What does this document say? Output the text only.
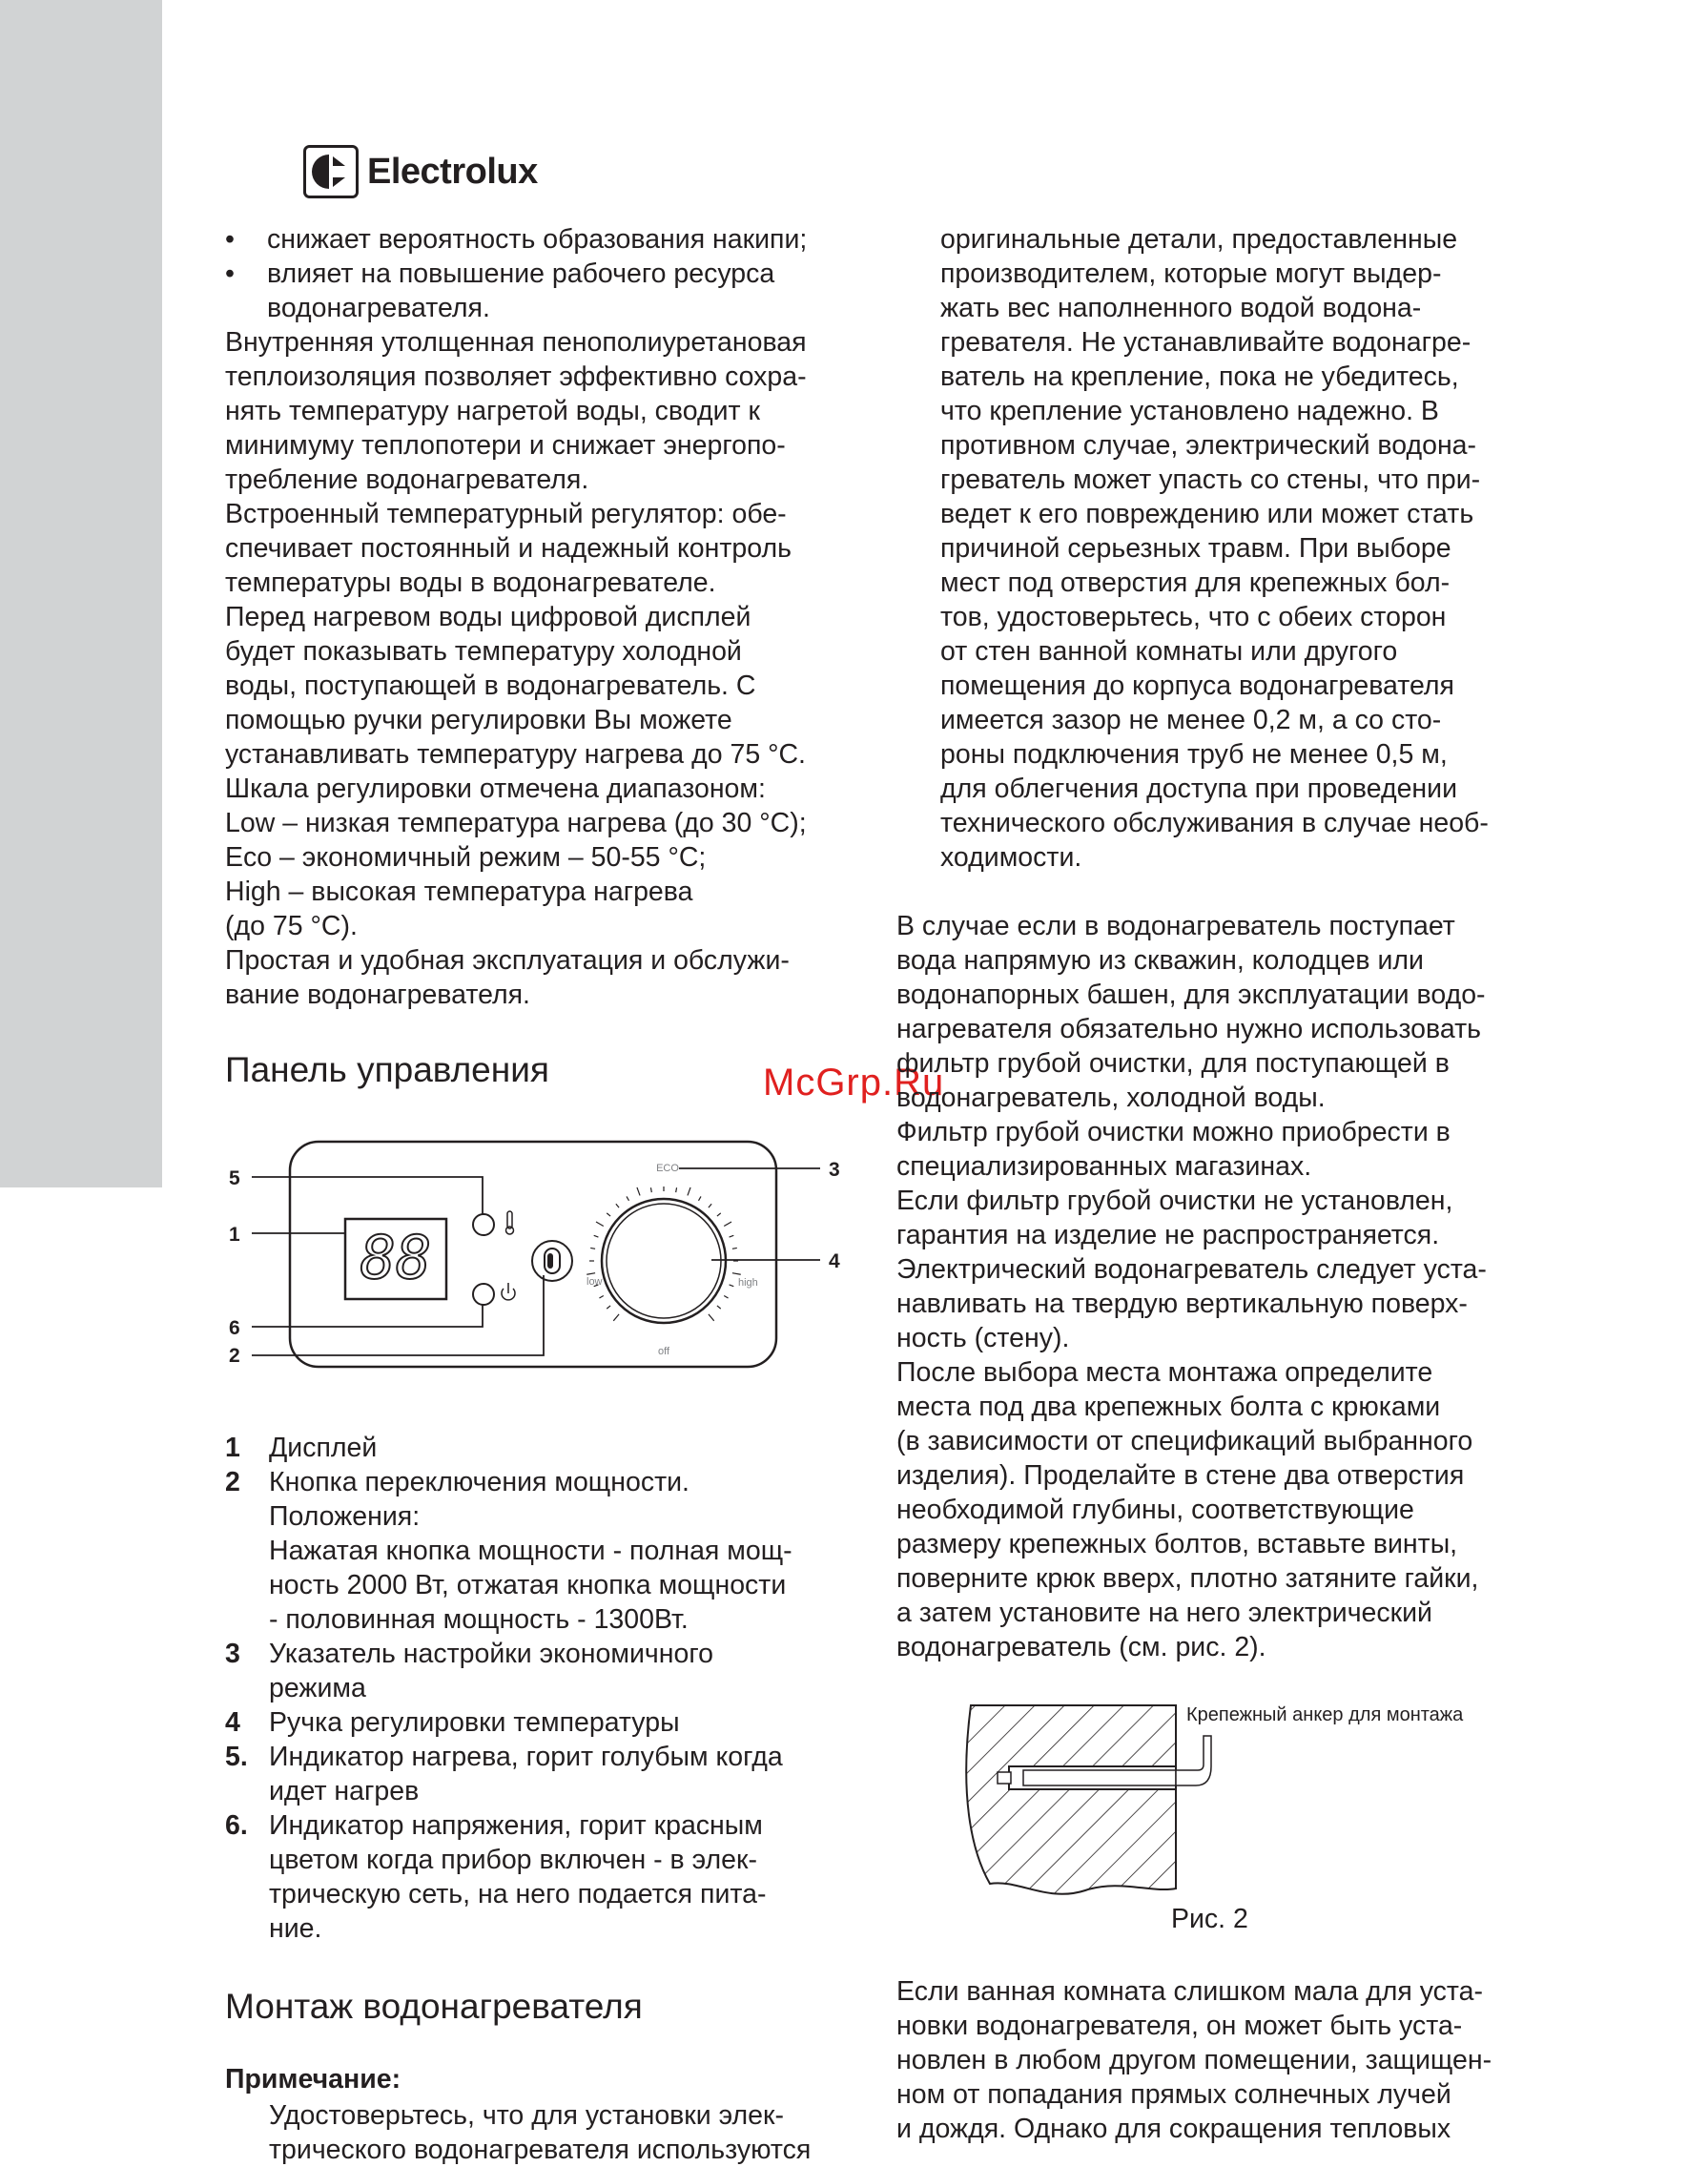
Electrolux
•	снижает вероятность образования накипи;
•	влияет на повышение рабочего ресурса

водонагревателя.

Внутренняя утолщенная пенополиуретановая

теплоизоляция позволяет эффективно сохра-

нять температуру нагретой воды, сводит к

минимуму теплопотери и снижает энергопо-

требление водонагревателя.

Встроенный температурный регулятор: обе-

спечивает постоянный и надежный контроль

температуры воды в водонагревателе.

Перед нагревом воды цифровой дисплей

будет показывать температуру холодной

воды, поступающей в водонагреватель. С

помощью ручки регулировки Вы можете

устанавливать температуру нагрева до 75 °C.

Шкала регулировки отмечена диапазоном:

Low – низкая температура нагрева (до 30 °C);

Eco – экономичный режим – 50-55 °C;

High – высокая температура нагрева

(до 75 °C).

Простая и удобная эксплуатация и обслужи-

вание водонагревателя.

Панель управления	McGrp.Ru
88
ECO
low	high
off
5
1
6
2
3
4
1	Дисплей

2	Кнопка переключения мощности.

Положения:

Нажатая кнопка мощности - полная мощ-

ность 2000 Вт, отжатая кнопка мощности

- половинная мощность - 1300Вт.

3	Указатель настройки экономичного

режима

4	Ручка регулировки температуры

5. Индикатор нагрева, горит голубым когда

идет нагрев

6. Индикатор напряжения, горит красным

цветом когда прибор включен - в элек-

трическую сеть, на него подается пита-

ние.

Монтаж водонагревателя
Примечание:

Удостоверьтесь, что для установки элек-

трического водонагревателя используются

оригинальные детали, предоставленные

производителем, которые могут выдер-

жать вес наполненного водой водона-

гревателя. Не устанавливайте водонагре-

ватель на крепление, пока не убедитесь,

что крепление установлено надежно. В

противном случае, электрический водона-

греватель может упасть со стены, что при-

ведет к его повреждению или может стать

причиной серьезных травм. При выборе

мест под отверстия для крепежных бол-

тов, удостоверьтесь, что с обеих сторон

от стен ванной комнаты или другого

помещения до корпуса водонагревателя

имеется зазор не менее 0,2 м, а со сто-

роны подключения труб не менее 0,5 м,

для облегчения доступа при проведении

технического обслуживания в случае необ-

ходимости.

В случае если в водонагреватель поступает

вода напрямую из скважин, колодцев или

водонапорных башен, для эксплуатации водо-

нагревателя обязательно нужно использовать

фильтр грубой очистки, для поступающей в

водонагреватель, холодной воды.

Фильтр грубой очистки можно приобрести в

специализированных магазинах.

Если фильтр грубой очистки не установлен,

гарантия на изделие не распространяется.

Электрический водонагреватель следует уста-

навливать на твердую вертикальную поверх-

ность (стену).

После выбора места монтажа определите

места под два крепежных болта с крюками

(в зависимости от спецификаций выбранного

изделия). Проделайте в стене два отверстия

необходимой глубины, соответствующие

размеру крепежных болтов, вставьте винты,

поверните крюк вверх, плотно затяните гайки,

а затем установите на него электрический

водонагреватель (см. рис. 2).

Крепежный анкер для монтажа
Рис. 2

Если ванная комната слишком мала для уста-

новки водонагревателя, он может быть уста-

новлен в любом другом помещении, защищен-

ном от попадания прямых солнечных лучей

и дождя. Однако для сокращения тепловых
